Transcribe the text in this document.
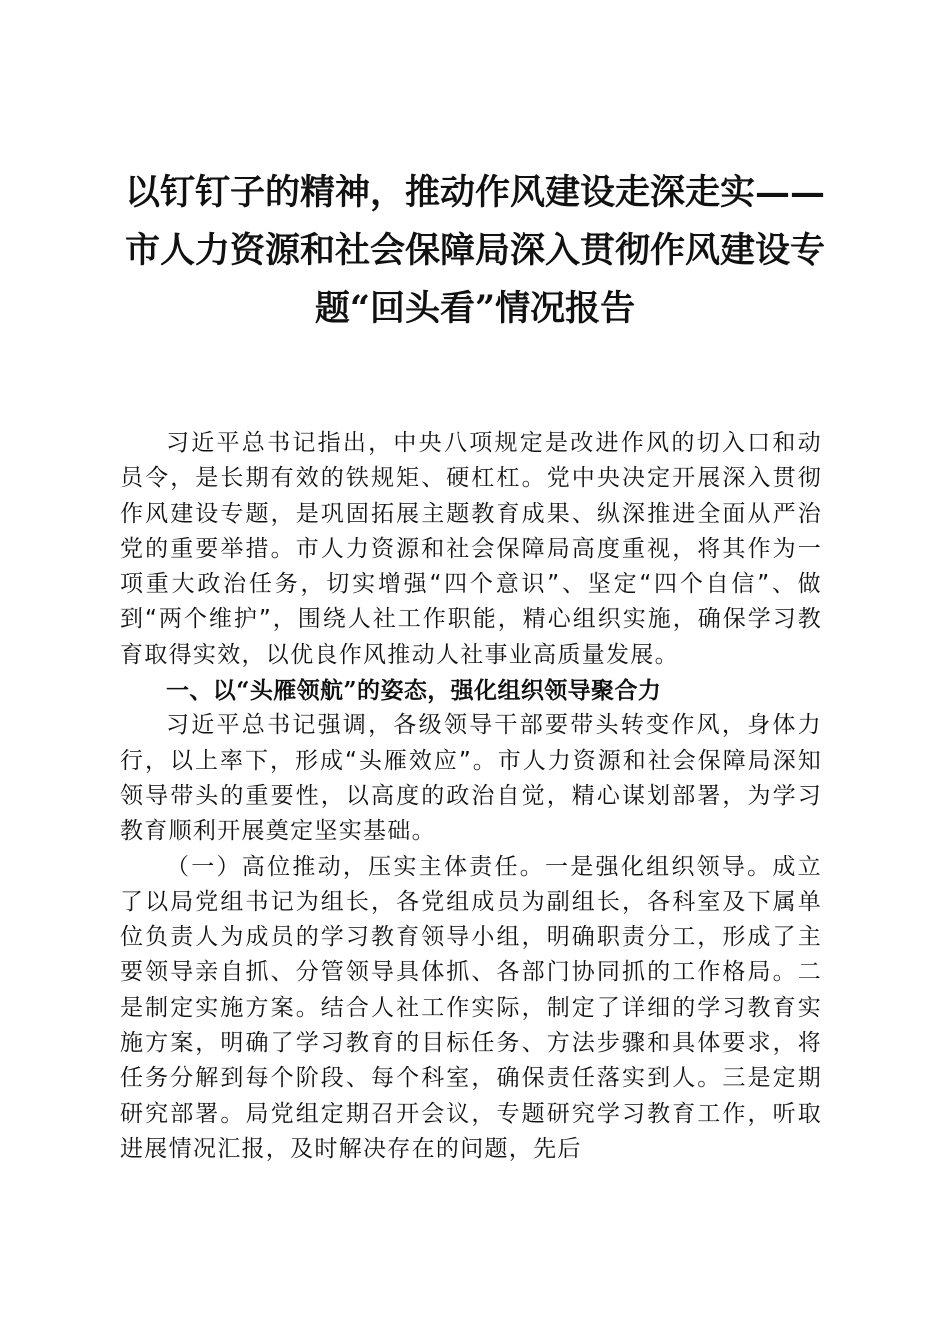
以钉钉子的精神，推动作风建设走深走实——
市人力资源和社会保障局深入贯彻作风建设专
题“回头看”情况报告

习近平总书记指出，中央八项规定是改进作风的切入口和动员令，是长期有效的铁规矩、硬杠杠。党中央决定开展深入贯彻作风建设专题，是巩固拓展主题教育成果、纵深推进全面从严治党的重要举措。市人力资源和社会保障局高度重视，将其作为一项重大政治任务，切实增强“四个意识”、坚定“四个自信”、做到“两个维护”，围绕人社工作职能，精心组织实施，确保学习教育取得实效，以优良作风推动人社事业高质量发展。

一、以“头雁领航”的姿态，强化组织领导聚合力

习近平总书记强调，各级领导干部要带头转变作风，身体力行，以上率下，形成“头雁效应”。市人力资源和社会保障局深知领导带头的重要性，以高度的政治自觉，精心谋划部署，为学习教育顺利开展奠定坚实基础。

（一）高位推动，压实主体责任。一是强化组织领导。成立了以局党组书记为组长，各党组成员为副组长，各科室及下属单位负责人为成员的学习教育领导小组，明确职责分工，形成了主要领导亲自抓、分管领导具体抓、各部门协同抓的工作格局。二是制定实施方案。结合人社工作实际，制定了详细的学习教育实施方案，明确了学习教育的目标任务、方法步骤和具体要求，将任务分解到每个阶段、每个科室，确保责任落实到人。三是定期研究部署。局党组定期召开会议，专题研究学习教育工作，听取进展情况汇报，及时解决存在的问题，先后
